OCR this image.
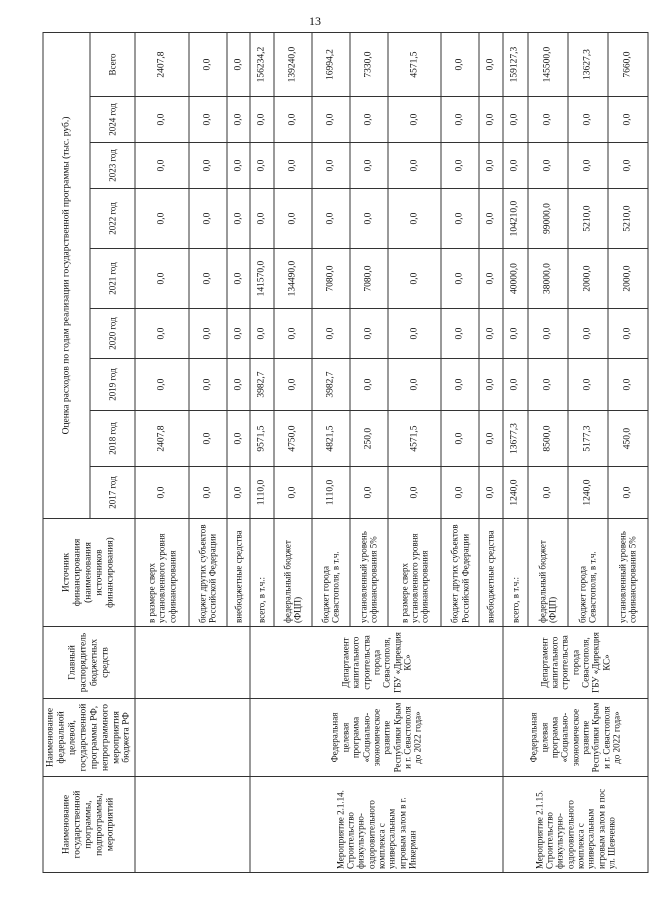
13
Наименование государственной программы, подпрограммы, мероприятий	Наименование федеральной целевой, государственной программы РФ, непрограммного мероприятия бюджета РФ	Главный распорядитель бюджетных средств	Источник финансирования (наименования источников финансирования)	Оценка расходов по годам реализации государственной программы (тыс. руб.)								
				2017 год	2018 год	2019 год	2020 год	2021 год	2022 год	2023 год	2024 год	Всего
			в размере сверх установленного уровня софинансирования	0,0	2407,8	0,0	0,0	0,0	0,0	0,0	0,0	2407,8
			бюджет других субъектов Российской Федерации	0,0	0,0	0,0	0,0	0,0	0,0	0,0	0,0	0,0
			внебюджетные средства	0,0	0,0	0,0	0,0	0,0	0,0	0,0	0,0	0,0
Мероприятие 2.1.14. Строительство физкультурно-оздоровительного комплекса с универсальным игровым залом в г. Инкерман	Федеральная целевая программа «Социально-экономическое развитие Республики Крым и г. Севастополя до 2022 года»	Департамент капитального строительства города Севастополя, ГБУ «Дирекция КС»	всего, в т.ч.:	1110,0	9571,5	3982,7	0,0	141570,0	0,0	0,0	0,0	156234,2
			федеральный бюджет (ФЦП)	0,0	4750,0	0,0	0,0	134490,0	0,0	0,0	0,0	139240,0
			бюджет города Севастополя, в т.ч.	1110,0	4821,5	3982,7	0,0	7080,0	0,0	0,0	0,0	16994,2
			установленный уровень софинансирования 5%	0,0	250,0	0,0	0,0	7080,0	0,0	0,0	0,0	7330,0
			в размере сверх установленного уровня софинансирования	0,0	4571,5	0,0	0,0	0,0	0,0	0,0	0,0	4571,5
			бюджет других субъектов Российской Федерации	0,0	0,0	0,0	0,0	0,0	0,0	0,0	0,0	0,0
			внебюджетные средства	0,0	0,0	0,0	0,0	0,0	0,0	0,0	0,0	0,0
Мероприятие 2.1.15. Строительство физкультурно-оздоровительного комплекса с универсальным игровым залом в пос ул. Шевченко	Федеральная целевая программа «Социально-экономическое развитие Республики Крым и г. Севастополя до 2022 года»	Департамент капитального строительства города Севастополя, ГБУ «Дирекция КС»	всего, в т.ч.:	1240,0	13677,3	0,0	0,0	40000,0	104210,0	0,0	0,0	159127,3
			федеральный бюджет (ФЦП)	0,0	8500,0	0,0	0,0	38000,0	99000,0	0,0	0,0	145500,0
			бюджет города Севастополя, в т.ч.	1240,0	5177,3	0,0	0,0	2000,0	5210,0	0,0	0,0	13627,3
			установленный уровень софинансирования 5%	0,0	450,0	0,0	0,0	2000,0	5210,0	0,0	0,0	7660,0
